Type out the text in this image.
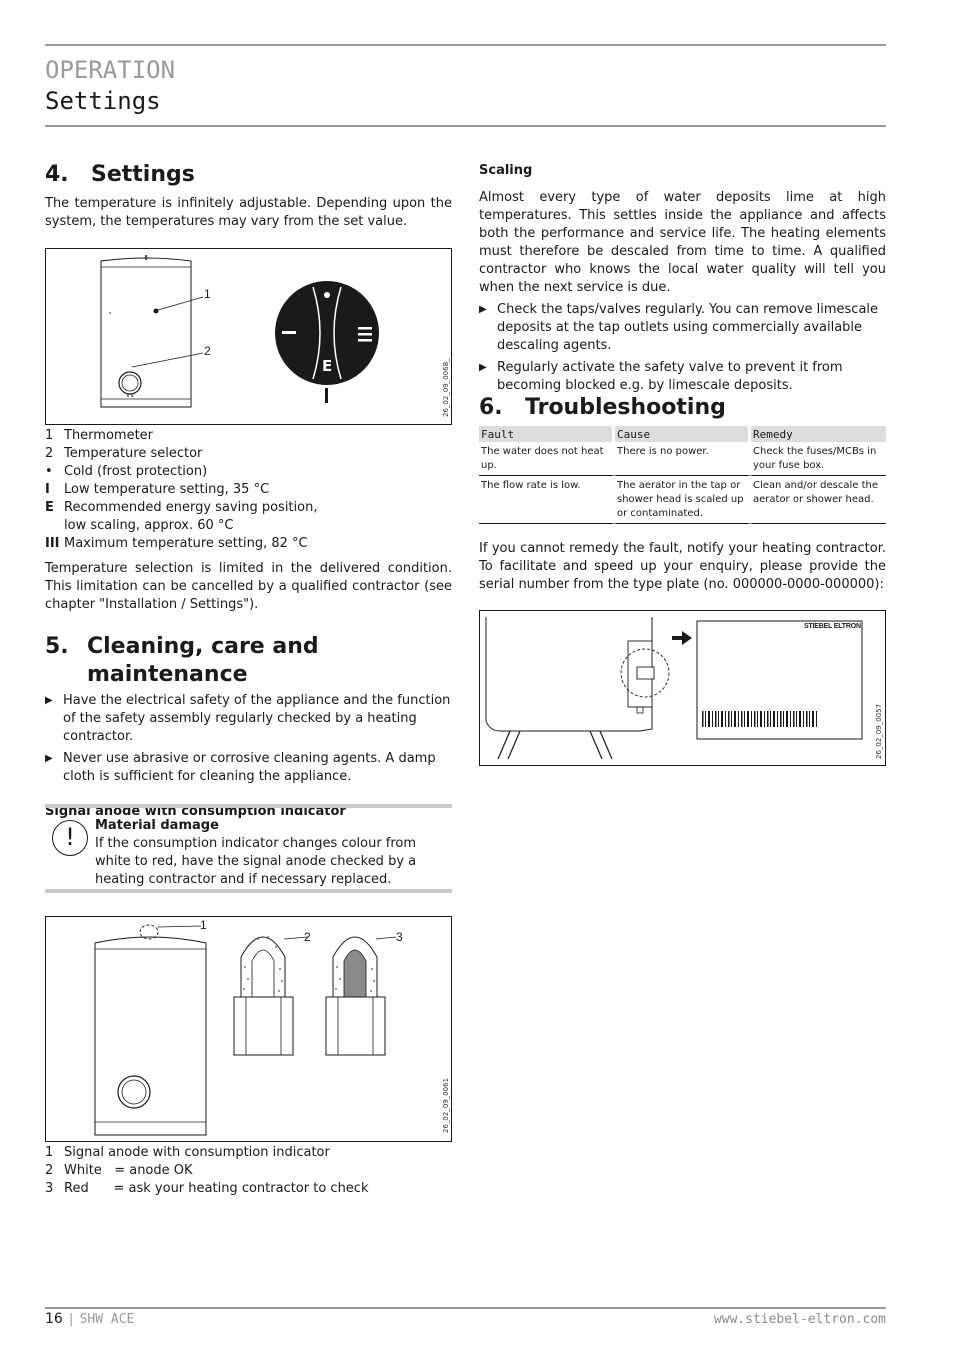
OPERATION
Settings
4.	Settings

The temperature is infinitely adjustable. Depending upon the system, the temperatures may vary from the set value.

E
1
2
26_02_09_0068_
1 Thermometer
2 Temperature selector
• Cold (frost protection)
I	Low temperature setting, 35 °C
E Recommended energy saving position,
low scaling, approx. 60 °C
III Maximum temperature setting, 82 °C

Temperature selection is limited in the delivered condition. This limitation can be cancelled by a qualified contractor (see chapter "Installation / Settings").

5. Cleaning, care and maintenance
▶ Have the electrical safety of the appliance and the function of the safety assembly regularly checked by a heating contractor.
▶ Never use abrasive or corrosive cleaning agents. A damp cloth is sufficient for cleaning the appliance.
Signal anode with consumption indicator
!	Material damage
If the consumption indicator changes colour from white to red, have the signal anode checked by a heating contractor and if necessary replaced.
1
2	3
26_02_09_0061
1 Signal anode with consumption indicator
2 White   = anode OK
3 Red      = ask your heating contractor to check
Scaling

Almost every type of water deposits lime at high temperatures. This settles inside the appliance and affects both the performance and service life. The heating elements must therefore be descaled from time to time. A qualified contractor who knows the local water quality will tell you when the next service is due.

▶ Check the taps/valves regularly. You can remove limescale deposits at the tap outlets using commercially available descaling agents.
▶ Regularly activate the safety valve to prevent it from becoming blocked e.g. by limescale deposits.
6.	Troubleshooting
Fault	Cause	Remedy
The water does not heat up.	There is no power.	Check the fuses/MCBs in your fuse box.
The flow rate is low.	The aerator in the tap or shower head is scaled up or contaminated.	Clean and/or descale the aerator or shower head.

If you cannot remedy the fault, notify your heating contractor. To facilitate and speed up your enquiry, please provide the serial number from the type plate (no. 000000-0000-000000):

STIEBEL ELTRON
26_02_09_0057
16 | SHW ACE	www.stiebel-eltron.com
